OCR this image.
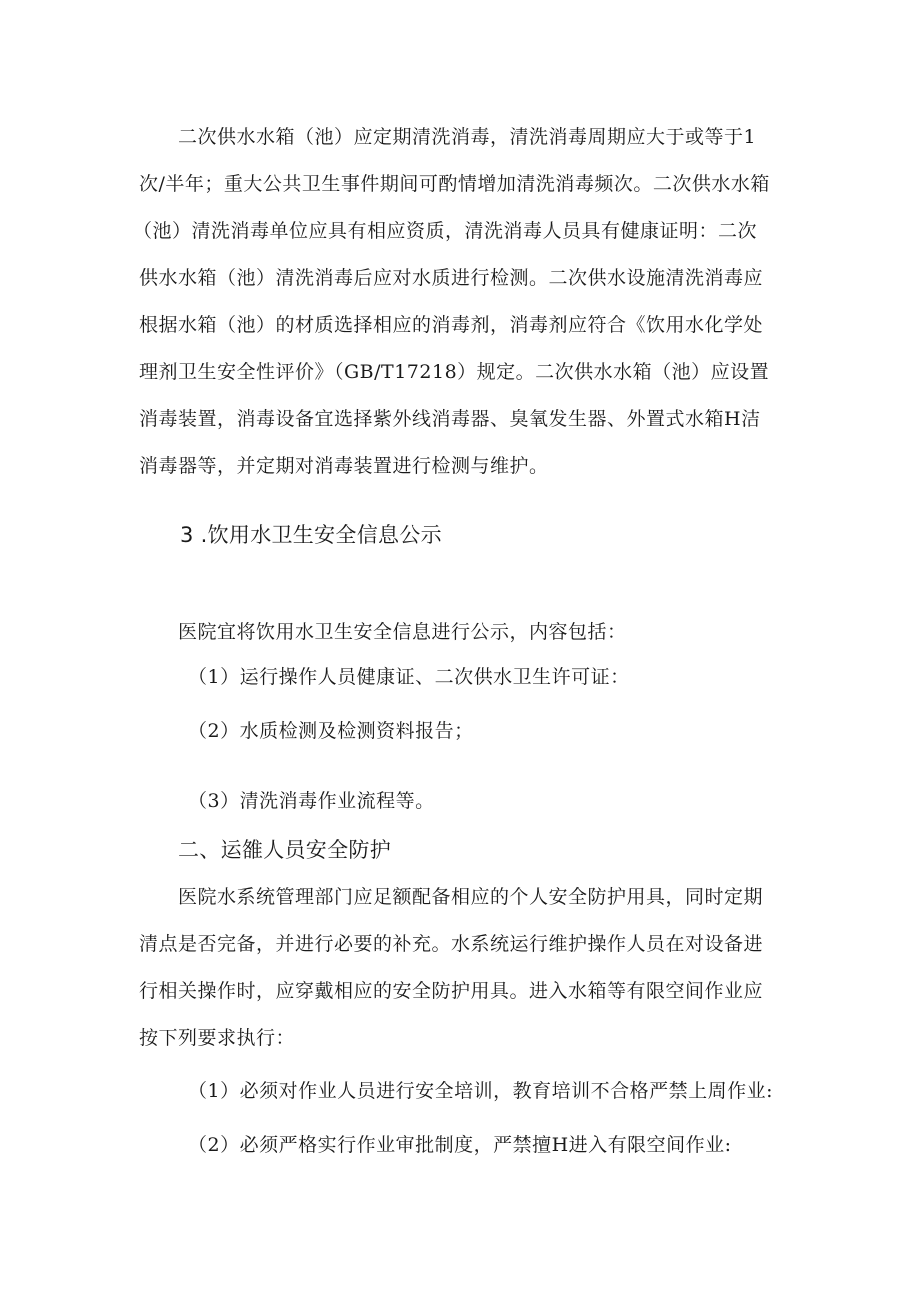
二次供水水箱（池）应定期清洗消毒，清洗消毒周期应大于或等于1
次/半年；重大公共卫生事件期间可酌情增加清洗消毒频次。二次供水水箱
（池）清洗消毒单位应具有相应资质，清洗消毒人员具有健康证明：二次
供水水箱（池）清洗消毒后应对水质进行检测。二次供水设施清洗消毒应
根据水箱（池）的材质选择相应的消毒剂，消毒剂应符合《饮用水化学处
理剂卫生安全性评价》（GB/T17218）规定。二次供水水箱（池）应设置
消毒装置，消毒设备宜选择紫外线消毒器、臭氧发生器、外置式水箱H洁
消毒器等，并定期对消毒装置进行检测与维护。
3 .饮用水卫生安全信息公示
医院宜将饮用水卫生安全信息进行公示，内容包括：
（1）运行操作人员健康证、二次供水卫生许可证：
（2）水质检测及检测资料报告；
（3）清洗消毒作业流程等。
二、运雒人员安全防护
医院水系统管理部门应足额配备相应的个人安全防护用具，同时定期
清点是否完备，并进行必要的补充。水系统运行维护操作人员在对设备进
行相关操作时，应穿戴相应的安全防护用具。进入水箱等有限空间作业应
按下列要求执行：
（1）必须对作业人员进行安全培训，教育培训不合格严禁上周作业:
（2）必须严格实行作业审批制度，严禁擅H进入有限空间作业:
